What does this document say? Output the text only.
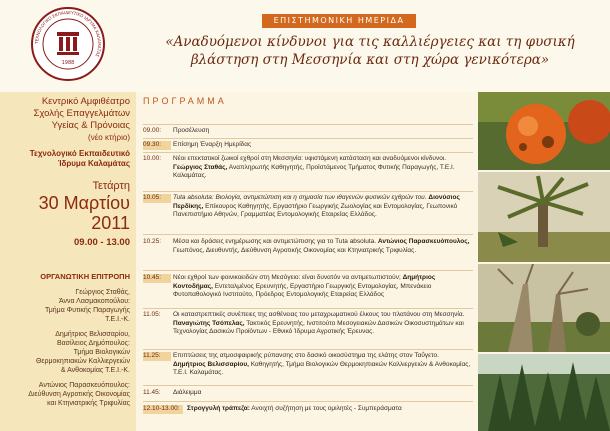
ΤΕΧΝΟΛΟΓΙΚΟ ΕΚΠΑΙΔΕΥΤΙΚΟ ΙΔΡΥΜΑ ΚΑΛΑΜΑΤΑΣ
1988
ΕΠΙΣΤΗΜΟΝΙΚΗ ΗΜΕΡΙΔΑ
«Αναδυόμενοι κίνδυνοι για τις καλλιέργειες και τη φυσική
βλάστηση στη Μεσσηνία και στη χώρα γενικότερα»
Κεντρικό Αμφιθέατρο
Σχολής Επαγγελμάτων
Υγείας & Πρόνοιας
(νέο κτήριο)
Τεχνολογικό Εκπαιδευτικό
Ίδρυμα Καλαμάτας
Τετάρτη
30 Μαρτίου
2011
09.00 - 13.00
ΟΡΓΑΝΩΤΙΚΗ ΕΠΙΤΡΟΠΗ
Γεώργιος Σταθάς,
Άννα Λασμακοπούλου:
Τμήμα Φυτικής Παραγωγής
Τ.Ε.Ι.-Κ.
Δημήτριος Βελισσαρίου,
Βασίλειος Δημόπουλος:
Τμήμα Βιολογικών
Θερμοκηπιακών Καλλιεργειών
& Ανθοκομίας Τ.Ε.Ι.-Κ.
Αντώνιος Παρασκευόπουλος:
Διεύθυνση Αγροτικής Οικονομίας
και Κτηνιατρικής Τριφυλίας
ΠΡΟΓΡΑΜΜΑ
09.00:	Προσέλευση
09.30:	Επίσημη Έναρξη Ημερίδας
10.00:	Νέοι επεκτατικοί ζωικοί εχθροί στη Μεσσηνία: υφιστάμενη κατάσταση και αναδυόμενοι κίνδυνοι. Γεώργιος Σταθάς, Αναπληρωτής Καθηγητής, Προϊστάμενος Τμήματος Φυτικής Παραγωγής, Τ.Ε.Ι. Καλαμάτας.
10.05:	Tuta absoluta: Βιολογία, αντιμετώπιση και η σημασία των ιθαγενών φυσικών εχθρών του. Διονύσιος Περδίκης, Επίκουρος Καθηγητής, Εργαστήριο Γεωργικής Ζωολογίας και Εντομολογίας, Γεωπονικό Πανεπιστήμιο Αθηνών, Γραμματέας Εντομολογικής Εταιρείας Ελλάδος.
10.25:	Μέσα και δράσεις ενημέρωσης και αντιμετώπισης για το Tuta absoluta. Αντώνιος Παρασκευόπουλος, Γεωπόνος, Διευθυντής, Διεύθυνση Αγροτικής Οικονομίας και Κτηνιατρικής Τριφυλίας.
10.45:	Νέοι εχθροί των φοινικοειδών στη Μεσόγειο: είναι δυνατόν να αντιμετωπιστούν; Δημήτριος Κοντοδήμας, Εντεταλμένος Ερευνητής, Εργαστήριο Γεωργικής Εντομολογίας, Μπενάκειο Φυτοπαθολογικό Ινστιτούτο, Πρόεδρος Εντομολογικής Εταιρείας Ελλάδος
11.05:	Οι καταστρεπτικές συνέπειες της ασθένειας του μεταχρωματικού έλκους του πλατάνου στη Μεσσηνία. Παναγιώτης Τσόπελας, Τακτικός Ερευνητής, Ινστιτούτο Μεσογειακών Δασικών Οικοσυστημάτων και Τεχνολογίας Δασικών Προϊόντων - Εθνικό Ίδρυμα Αγροτικής Έρευνας.
11.25:	Επιπτώσεις της ατμοσφαιρικής ρύπανσης στο δασικό οικοσύστημα της ελάτης στον Ταΰγετο. Δημήτριος Βελισσαρίου, Καθηγητής, Τμήμα Βιολογικών Θερμοκηπιακών Καλλιεργειών & Ανθοκομίας, Τ.Ε.Ι. Καλαμάτας.
11.45:	Διάλειμμα
12.10-13.00:	Στρογγυλή τράπεζα: Ανοιχτή συζήτηση με τους ομιλητές - Συμπεράσματα
